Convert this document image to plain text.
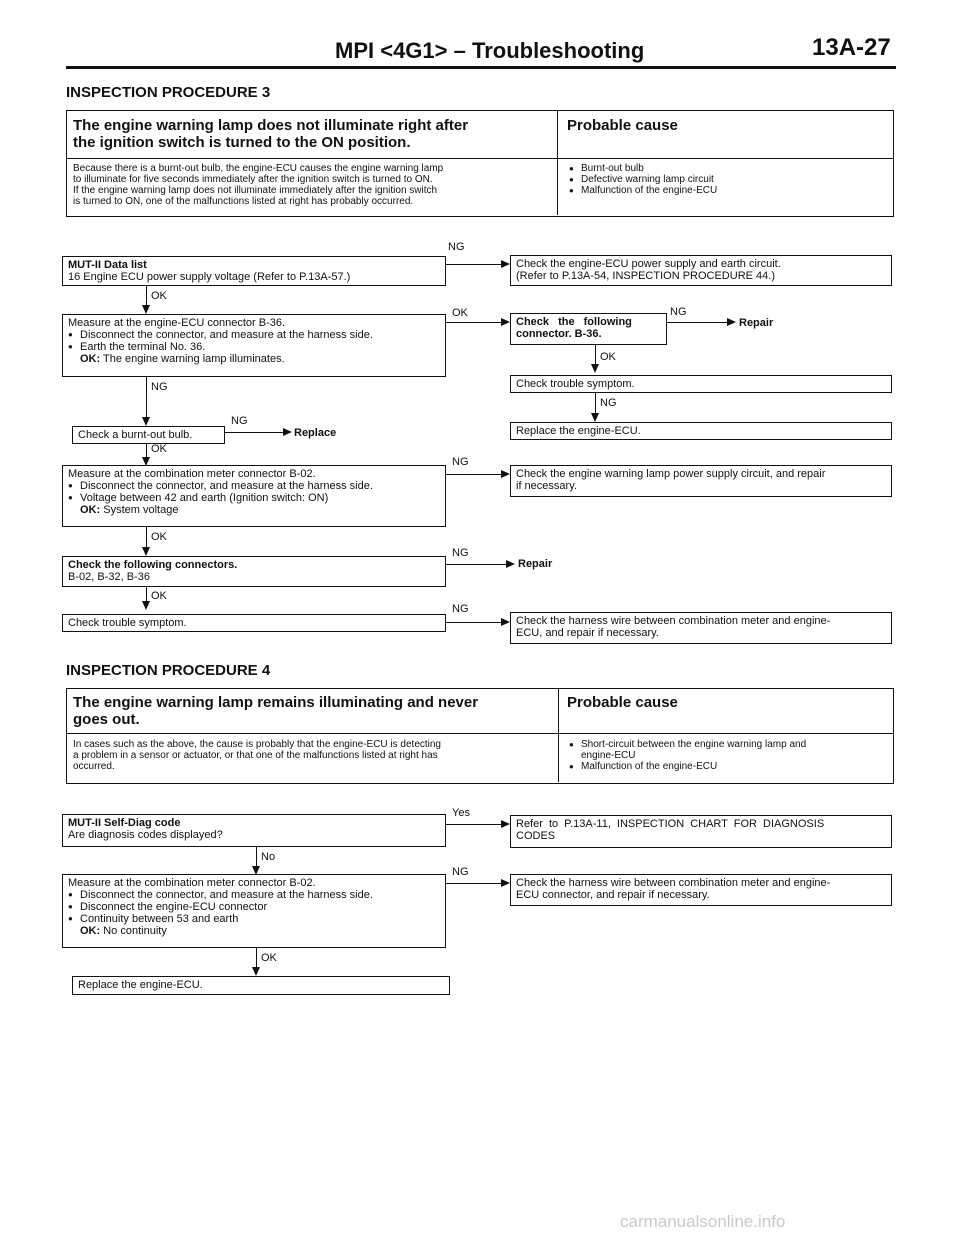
MPI <4G1> – Troubleshooting	13A-27
INSPECTION PROCEDURE 3
The engine warning lamp does not illuminate right after
the ignition switch is turned to the ON position.
Probable cause
Because there is a burnt-out bulb, the engine-ECU causes the engine warning lamp
to illuminate for five seconds immediately after the ignition switch is turned to ON.
If the engine warning lamp does not illuminate immediately after the ignition switch
is turned to ON, one of the malfunctions listed at right has probably occurred.
● Burnt-out bulb
● Defective warning lamp circuit
● Malfunction of the engine-ECU
MUT-II Data list
16 Engine ECU power supply voltage (Refer to P.13A-57.)
NG
Check the engine-ECU power supply and earth circuit.
(Refer to P.13A-54, INSPECTION PROCEDURE 44.)
OK
Measure at the engine-ECU connector B-36.
● Disconnect the connector, and measure at the harness side.
● Earth the terminal No. 36.
OK: The engine warning lamp illuminates.
OK
Check the following
connector. B-36.
NG
Repair
OK
Check trouble symptom.
NG
Replace the engine-ECU.
NG
Check a burnt-out bulb.
NG
Replace
OK
Measure at the combination meter connector B-02.
● Disconnect the connector, and measure at the harness side.
● Voltage between 42 and earth (Ignition switch: ON)
OK: System voltage
NG
Check the engine warning lamp power supply circuit, and repair
if necessary.
OK
Check the following connectors.
B-02, B-32, B-36
NG
Repair
OK
Check trouble symptom.
NG
Check the harness wire between combination meter and engine-
ECU, and repair if necessary.
INSPECTION PROCEDURE 4
The engine warning lamp remains illuminating and never
goes out.
Probable cause
In cases such as the above, the cause is probably that the engine-ECU is detecting
a problem in a sensor or actuator, or that one of the malfunctions listed at right has
occurred.
● Short-circuit between the engine warning lamp and
engine-ECU
● Malfunction of the engine-ECU
MUT-II Self-Diag code
Are diagnosis codes displayed?
Yes
Refer to P.13A-11, INSPECTION CHART FOR DIAGNOSIS
CODES
No
Measure at the combination meter connector B-02.
● Disconnect the connector, and measure at the harness side.
● Disconnect the engine-ECU connector
● Continuity between 53 and earth
OK: No continuity
NG
Check the harness wire between combination meter and engine-
ECU connector, and repair if necessary.
OK
Replace the engine-ECU.
carmanualsonline.info
